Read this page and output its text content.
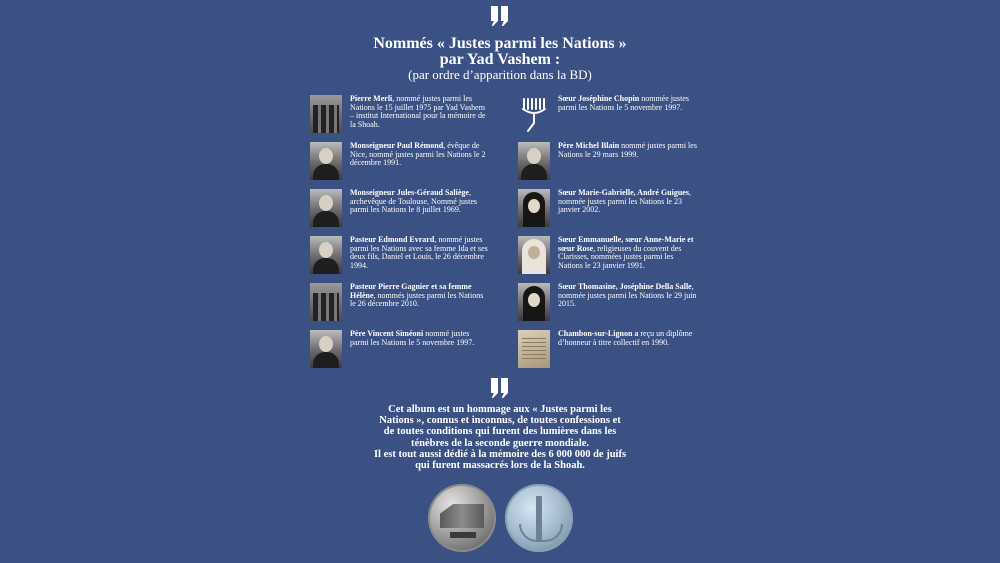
Nommés « Justes parmi les Nations »
par Yad Vashem :
(par ordre d’apparition dans la BD)
Pierre Merli, nommé justes parmi les Nations le 15 juillet 1975 par Yad Vashem – institut International pour la mémoire de la Shoah.
Monseigneur Paul Rémond, évêque de Nice, nommé justes parmi les Nations le 2 décembre 1991.
Monseigneur Jules-Géraud Saliège, archevêque de Toulouse, Nommé justes parmi les Nations le 8 juillet 1969.
Pasteur Edmond Evrard, nommé justes parmi les Nations avec sa femme Ida et ses deux fils, Daniel et Louis, le 26 décembre 1994.
Pasteur Pierre Gagnier et sa femme Hélène, nommés justes parmi les Nations le 26 décembre 2010.
Père Vincent Siméoni nommé justes parmi les Nations le 5 novembre 1997.
Sœur Joséphine Chopin nommée justes parmi les Nations le 5 novembre 1997.
Père Michel Blain nommé justes parmi les Nations le 29 mars 1999.
Sœur Marie-Gabrielle, André Guigues, nommée justes parmi les Nations le 23 janvier 2002.
Sœur Emmanuelle, sœur Anne-Marie et sœur Rose, religieuses du couvent des Clarisses, nommées justes parmi les Nations le 23 janvier 1991.
Sœur Thomasine, Joséphine Della Salle, nommée justes parmi les Nations le 29 juin 2015.
Chambon-sur-Lignon a reçu un diplôme d’honneur à titre collectif en 1990.
Cet album est un hommage aux « Justes parmi les
Nations », connus et inconnus, de toutes confessions et
de toutes conditions qui furent des lumières dans les
ténèbres de la seconde guerre mondiale.
Il est tout aussi dédié à la mémoire des 6 000 000 de juifs
qui furent massacrés lors de la Shoah.
